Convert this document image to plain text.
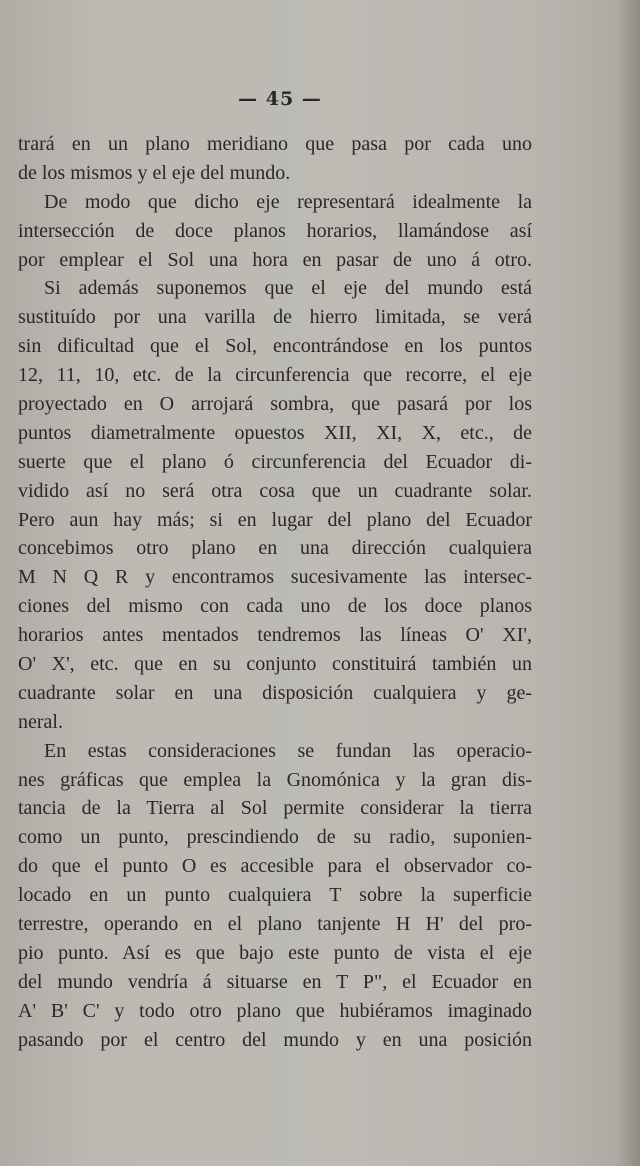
— 45 —
trará en un plano meridiano que pasa por cada uno
de los mismos y el eje del mundo.
De modo que dicho eje representará idealmente la
intersección de doce planos horarios, llamándose así
por emplear el Sol una hora en pasar de uno á otro.
Si además suponemos que el eje del mundo está
sustituído por una varilla de hierro limitada, se verá
sin dificultad que el Sol, encontrándose en los puntos
12, 11, 10, etc. de la circunferencia que recorre, el eje
proyectado en O arrojará sombra, que pasará por los
puntos diametralmente opuestos XII, XI, X, etc., de
suerte que el plano ó circunferencia del Ecuador di-
vidido así no será otra cosa que un cuadrante solar.
Pero aun hay más; si en lugar del plano del Ecuador
concebimos otro plano en una dirección cualquiera
M N Q R y encontramos sucesivamente las intersec-
ciones del mismo con cada uno de los doce planos
horarios antes mentados tendremos las líneas O' XI',
O' X', etc. que en su conjunto constituirá también un
cuadrante solar en una disposición cualquiera y ge-
neral.
En estas consideraciones se fundan las operacio-
nes gráficas que emplea la Gnomónica y la gran dis-
tancia de la Tierra al Sol permite considerar la tierra
como un punto, prescindiendo de su radio, suponien-
do que el punto O es accesible para el observador co-
locado en un punto cualquiera T sobre la superficie
terrestre, operando en el plano tanjente H H' del pro-
pio punto. Así es que bajo este punto de vista el eje
del mundo vendría á situarse en T P", el Ecuador en
A' B' C' y todo otro plano que hubiéramos imaginado
pasando por el centro del mundo y en una posición
